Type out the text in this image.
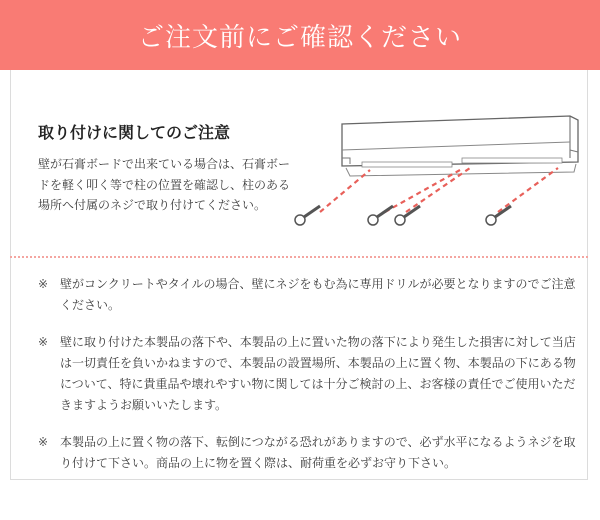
ご注文前にご確認ください
取り付けに関してのご注意
壁が石膏ボードで出来ている場合は、石膏ボードを軽く叩く等で柱の位置を確認し、柱のある場所へ付属のネジで取り付けてください。
※ 壁がコンクリートやタイルの場合、壁にネジをもむ為に専用ドリルが必要となりますのでご注意ください。
※ 壁に取り付けた本製品の落下や、本製品の上に置いた物の落下により発生した損害に対して当店は一切責任を負いかねますので、本製品の設置場所、本製品の上に置く物、本製品の下にある物について、特に貴重品や壊れやすい物に関しては十分ご検討の上、お客様の責任でご使用いただきますようお願いいたします。
※ 本製品の上に置く物の落下、転倒につながる恐れがありますので、必ず水平になるようネジを取り付けて下さい。商品の上に物を置く際は、耐荷重を必ずお守り下さい。
